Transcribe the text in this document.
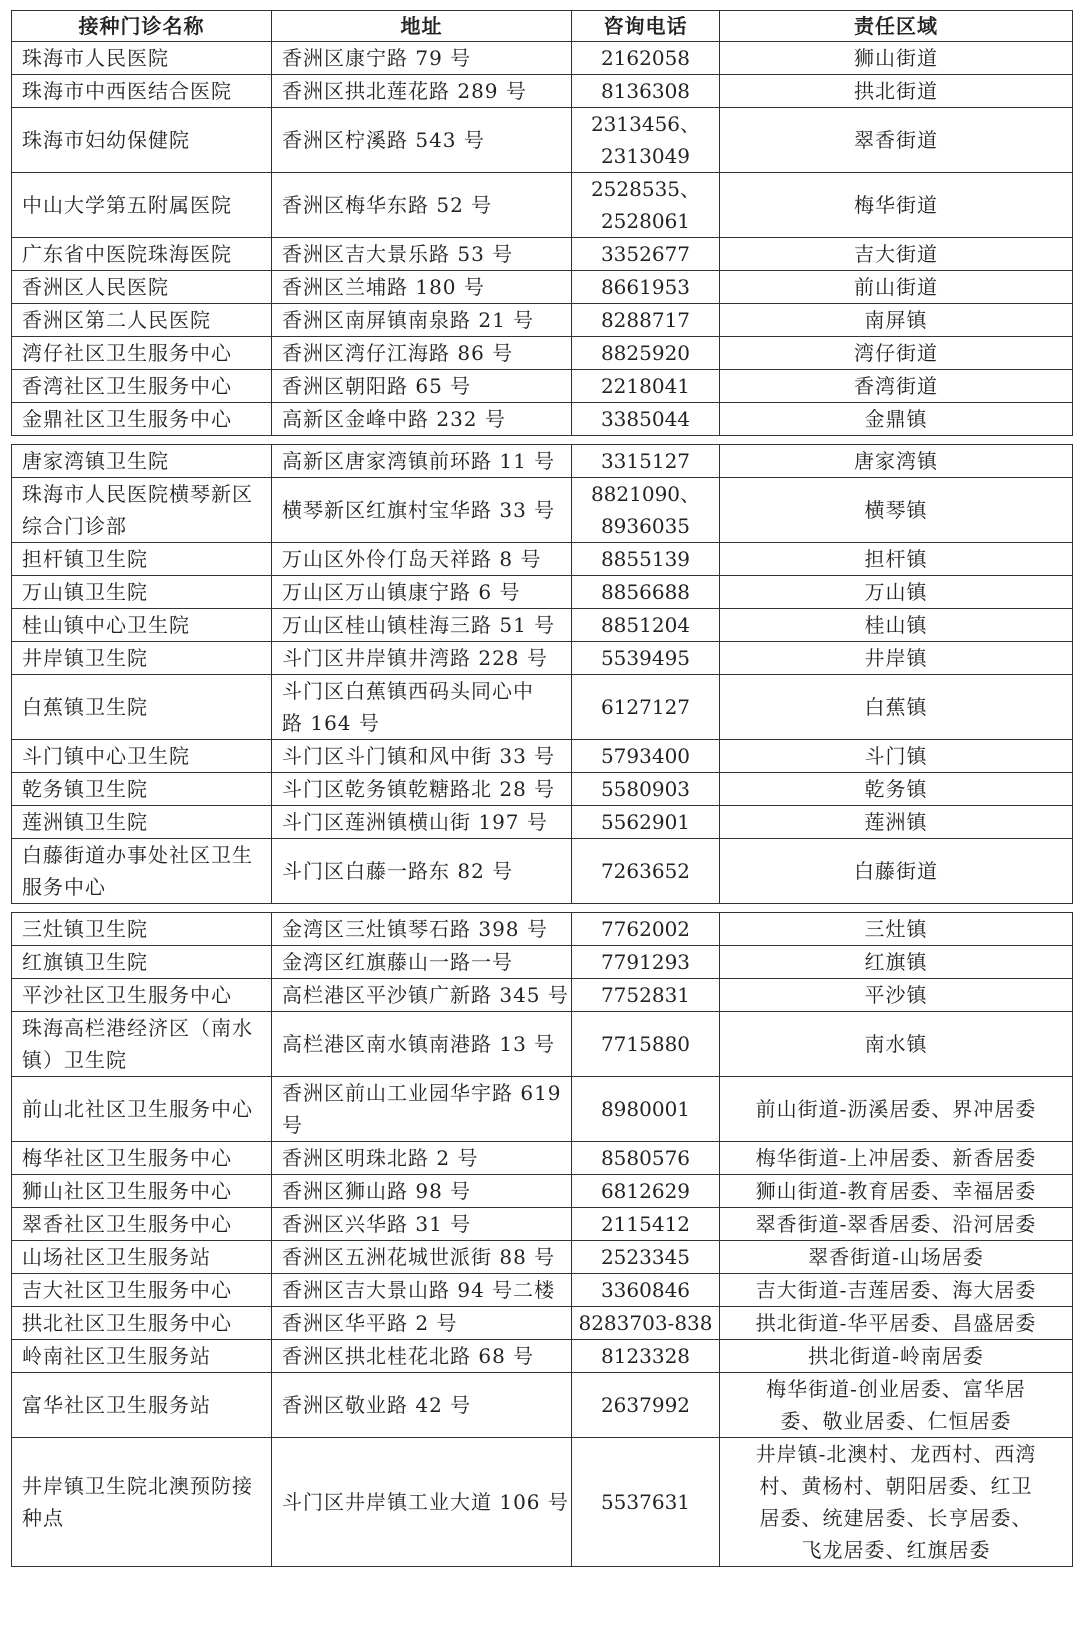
接种门诊名称	地址	咨询电话	责任区域
珠海市人民医院	香洲区康宁路 79 号	2162058	狮山街道
珠海市中西医结合医院	香洲区拱北莲花路 289 号	8136308	拱北街道
珠海市妇幼保健院	香洲区柠溪路 543 号	2313456、
2313049	翠香街道
中山大学第五附属医院	香洲区梅华东路 52 号	2528535、
2528061	梅华街道
广东省中医院珠海医院	香洲区吉大景乐路 53 号	3352677	吉大街道
香洲区人民医院	香洲区兰埔路 180 号	8661953	前山街道
香洲区第二人民医院	香洲区南屏镇南泉路 21 号	8288717	南屏镇
湾仔社区卫生服务中心	香洲区湾仔江海路 86 号	8825920	湾仔街道
香湾社区卫生服务中心	香洲区朝阳路 65 号	2218041	香湾街道
金鼎社区卫生服务中心	高新区金峰中路 232 号	3385044	金鼎镇

唐家湾镇卫生院	高新区唐家湾镇前环路 11 号	3315127	唐家湾镇

珠海市人民医院横琴新区
综合门诊部	横琴新区红旗村宝华路 33 号	8821090、
8936035	横琴镇
担杆镇卫生院	万山区外伶仃岛天祥路 8 号	8855139	担杆镇
万山镇卫生院	万山区万山镇康宁路 6 号	8856688	万山镇
桂山镇中心卫生院	万山区桂山镇桂海三路 51 号	8851204	桂山镇
井岸镇卫生院	斗门区井岸镇井湾路 228 号	5539495	井岸镇
白蕉镇卫生院	斗门区白蕉镇西码头同心中
路 164 号	6127127	白蕉镇
斗门镇中心卫生院	斗门区斗门镇和风中街 33 号	5793400	斗门镇
乾务镇卫生院	斗门区乾务镇乾糖路北 28 号	5580903	乾务镇
莲洲镇卫生院	斗门区莲洲镇横山街 197 号	5562901	莲洲镇

白藤街道办事处社区卫生
服务中心	斗门区白藤一路东 82 号	7263652	白藤街道

三灶镇卫生院	金湾区三灶镇琴石路 398 号	7762002	三灶镇
红旗镇卫生院	金湾区红旗藤山一路一号	7791293	红旗镇
平沙社区卫生服务中心	高栏港区平沙镇广新路 345 号	7752831	平沙镇

珠海高栏港经济区（南水
镇）卫生院	高栏港区南水镇南港路 13 号	7715880	南水镇
前山北社区卫生服务中心	香洲区前山工业园华宇路 619
号	8980001	前山街道-沥溪居委、界冲居委
梅华社区卫生服务中心	香洲区明珠北路 2 号	8580576	梅华街道-上冲居委、新香居委
狮山社区卫生服务中心	香洲区狮山路 98 号	6812629	狮山街道-教育居委、幸福居委
翠香社区卫生服务中心	香洲区兴华路 31 号	2115412	翠香街道-翠香居委、沿河居委
山场社区卫生服务站	香洲区五洲花城世派街 88 号	2523345	翠香街道-山场居委
吉大社区卫生服务中心	香洲区吉大景山路 94 号二楼	3360846	吉大街道-吉莲居委、海大居委
拱北社区卫生服务中心	香洲区华平路 2 号	8283703-838	拱北街道-华平居委、昌盛居委
岭南社区卫生服务站	香洲区拱北桂花北路 68 号	8123328	拱北街道-岭南居委
富华社区卫生服务站	香洲区敬业路 42 号	2637992	梅华街道-创业居委、富华居
委、敬业居委、仁恒居委

井岸镇卫生院北澳预防接
种点	斗门区井岸镇工业大道 106 号	5537631	井岸镇-北澳村、龙西村、西湾
村、黄杨村、朝阳居委、红卫
居委、统建居委、长亨居委、
飞龙居委、红旗居委
